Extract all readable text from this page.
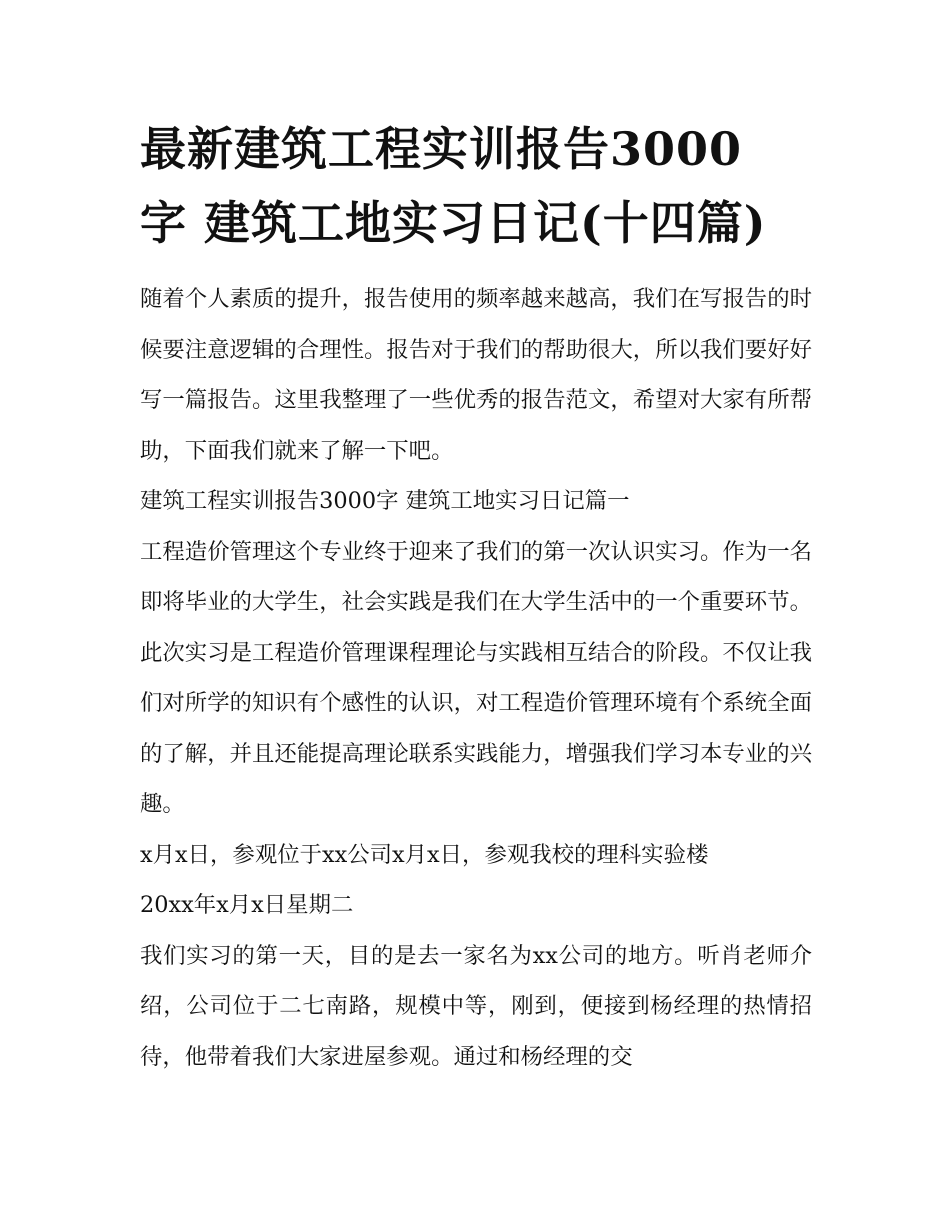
最新建筑工程实训报告3000
字 建筑工地实习日记(十四篇)

随着个人素质的提升，报告使用的频率越来越高，我们在写报告的时候要注意逻辑的合理性。报告对于我们的帮助很大，所以我们要好好写一篇报告。这里我整理了一些优秀的报告范文，希望对大家有所帮助，下面我们就来了解一下吧。

建筑工程实训报告3000字 建筑工地实习日记篇一

工程造价管理这个专业终于迎来了我们的第一次认识实习。作为一名即将毕业的大学生，社会实践是我们在大学生活中的一个重要环节。此次实习是工程造价管理课程理论与实践相互结合的阶段。不仅让我们对所学的知识有个感性的认识，对工程造价管理环境有个系统全面的了解，并且还能提高理论联系实践能力，增强我们学习本专业的兴趣。

x月x日，参观位于xx公司x月x日，参观我校的理科实验楼

20xx年x月x日星期二

我们实习的第一天，目的是去一家名为xx公司的地方。听肖老师介绍，公司位于二七南路，规模中等，刚到，便接到杨经理的热情招待，他带着我们大家进屋参观。通过和杨经理的交
